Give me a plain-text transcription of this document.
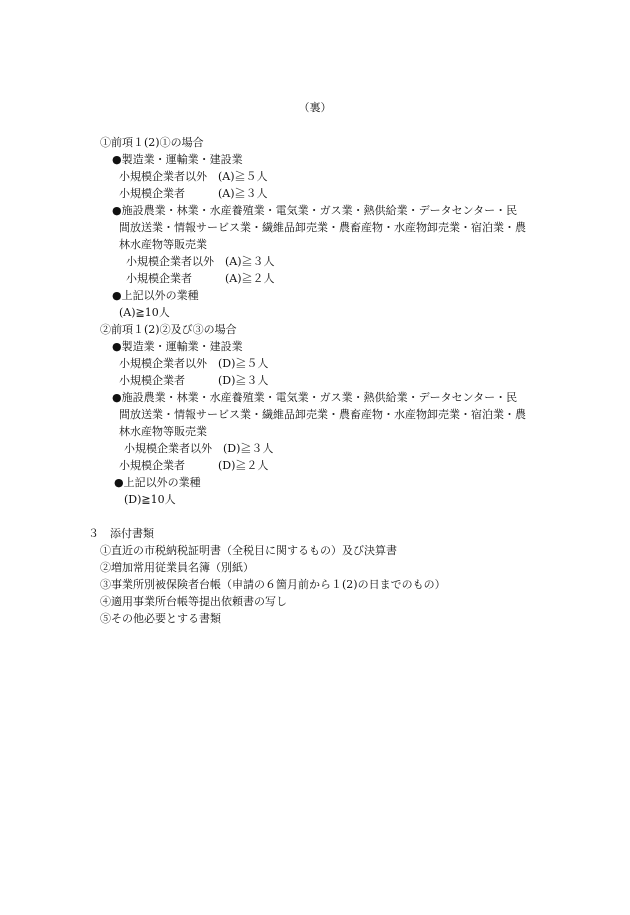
（裏）
①前項１(2)①の場合
●製造業・運輸業・建設業
小規模企業者以外　(A)≧５人
小規模企業者　　　(A)≧３人
●施設農業・林業・水産養殖業・電気業・ガス業・熱供給業・データセンター・民
間放送業・情報サービス業・繊維品卸売業・農畜産物・水産物卸売業・宿泊業・農
林水産物等販売業
小規模企業者以外　(A)≧３人
小規模企業者　　　(A)≧２人
●上記以外の業種
(A)≧10人
②前項１(2)②及び③の場合
●製造業・運輸業・建設業
小規模企業者以外　(D)≧５人
小規模企業者　　　(D)≧３人
●施設農業・林業・水産養殖業・電気業・ガス業・熱供給業・データセンター・民
間放送業・情報サービス業・繊維品卸売業・農畜産物・水産物卸売業・宿泊業・農
林水産物等販売業
小規模企業者以外　(D)≧３人
小規模企業者　　　(D)≧２人
●上記以外の業種
(D)≧10人
３　添付書類
①直近の市税納税証明書（全税目に関するもの）及び決算書
②増加常用従業員名簿（別紙）
③事業所別被保険者台帳（申請の６箇月前から１(2)の日までのもの）
④適用事業所台帳等提出依頼書の写し
⑤その他必要とする書類
